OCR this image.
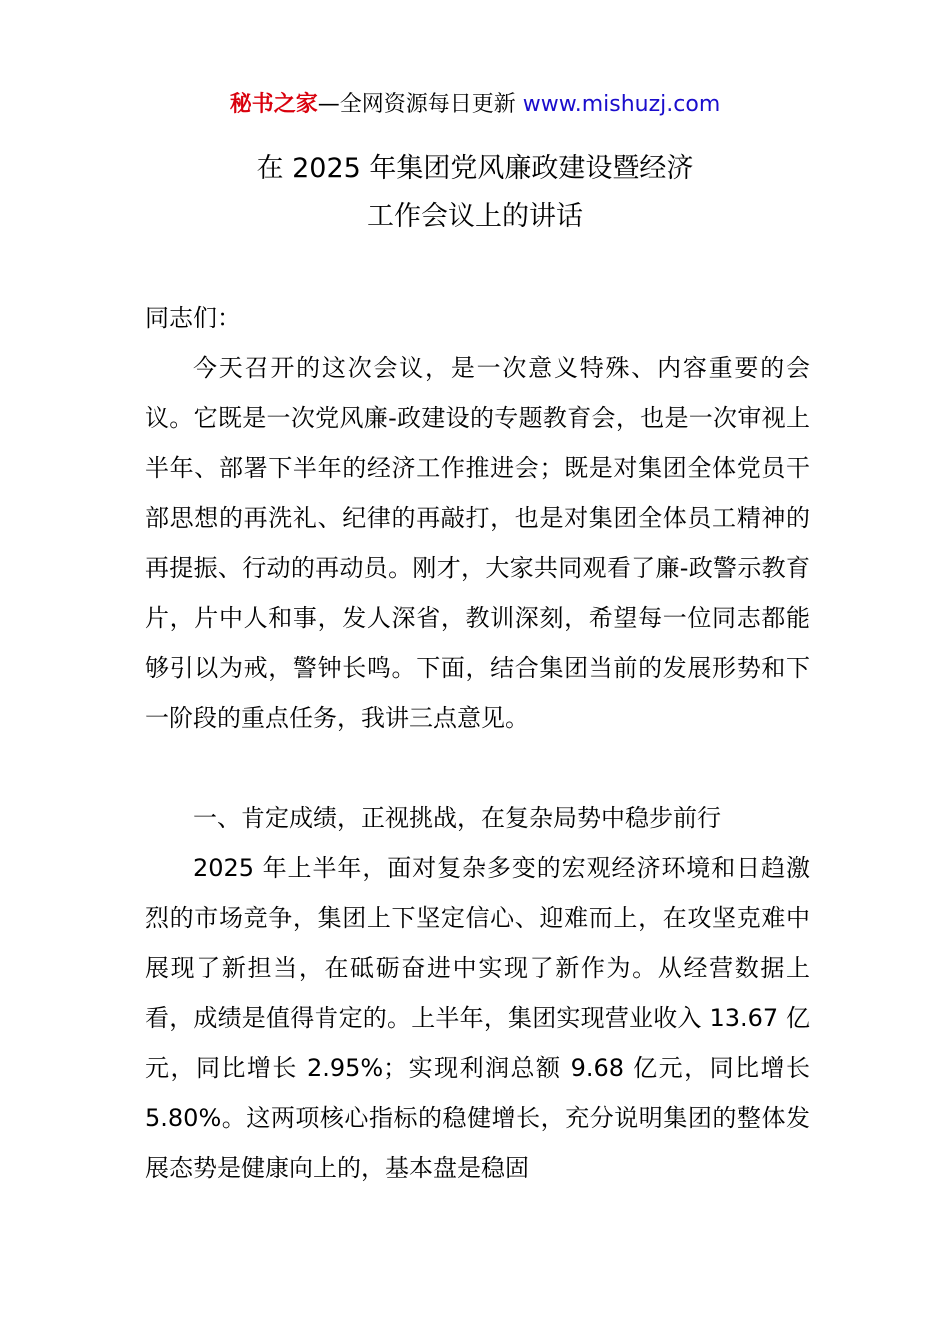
秘书之家—全网资源每日更新 www.mishuzj.com
在 2025 年集团党风廉政建设暨经济
工作会议上的讲话
同志们：
今天召开的这次会议，是一次意义特殊、内容重要的会议。它既是一次党风廉-政建设的专题教育会，也是一次审视上半年、部署下半年的经济工作推进会；既是对集团全体党员干部思想的再洗礼、纪律的再敲打，也是对集团全体员工精神的再提振、行动的再动员。刚才，大家共同观看了廉-政警示教育片，片中人和事，发人深省，教训深刻，希望每一位同志都能够引以为戒，警钟长鸣。下面，结合集团当前的发展形势和下一阶段的重点任务，我讲三点意见。
一、肯定成绩，正视挑战，在复杂局势中稳步前行
2025 年上半年，面对复杂多变的宏观经济环境和日趋激烈的市场竞争，集团上下坚定信心、迎难而上，在攻坚克难中展现了新担当，在砥砺奋进中实现了新作为。从经营数据上看，成绩是值得肯定的。上半年，集团实现营业收入 13.67 亿元，同比增长 2.95%；实现利润总额 9.68 亿元，同比增长 5.80%。这两项核心指标的稳健增长，充分说明集团的整体发展态势是健康向上的，基本盘是稳固
